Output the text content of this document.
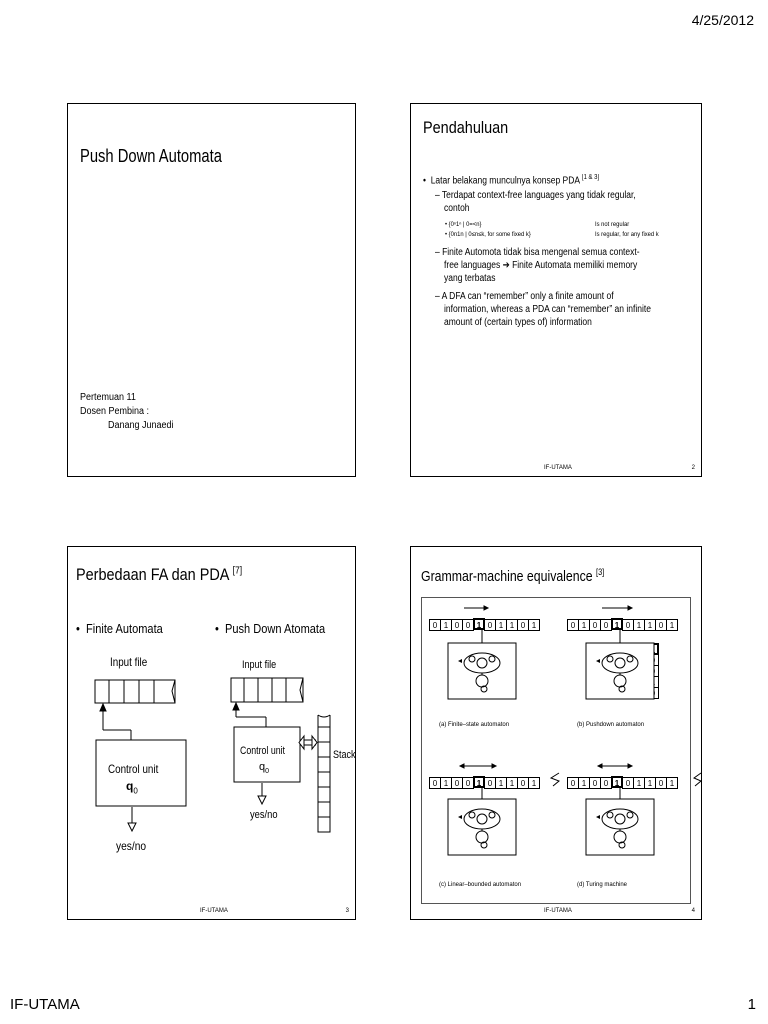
4/25/2012
Push Down Automata
Pertemuan 11
Dosen Pembina :
Danang Junaedi
Pendahuluan
•  Latar belakang munculnya konsep PDA [1 & 3]
– Terdapat context-free languages yang tidak regular,
contoh
• {0ⁿ1ⁿ | 0=<n}	Is not regular
• {0n1n | 0≤n≤k, for some fixed k}	Is regular, for any fixed k
– Finite Automota tidak bisa mengenal semua context-
free languages ➔ Finite Automata memiliki memory
yang terbatas
– A DFA can “remember” only a finite amount of
information, whereas a PDA can “remember” an infinite
amount of (certain types of) information
IF-UTAMA	2
Perbedaan FA dan PDA [7]
•  Finite Automata	•  Push Down Atomata
Input file
Control unit
$q_0$
yes/no
Input file
Control unit
$q_0$
Stack
yes/no
IF-UTAMA	3
Grammar-machine equivalence [3]
0 1 0 0 1 0 1 1 0 1	0 1 0 0 1 0 1 1 0 1
0 1 0 0 1 0 1 1 0 1	0 1 0 0 1 0 1 1 0 1
(a) Finite–state automaton	(b) Pushdown automaton
(c) Linear–bounded automaton	(d) Turing machine
IF-UTAMA	4
IF-UTAMA	1
